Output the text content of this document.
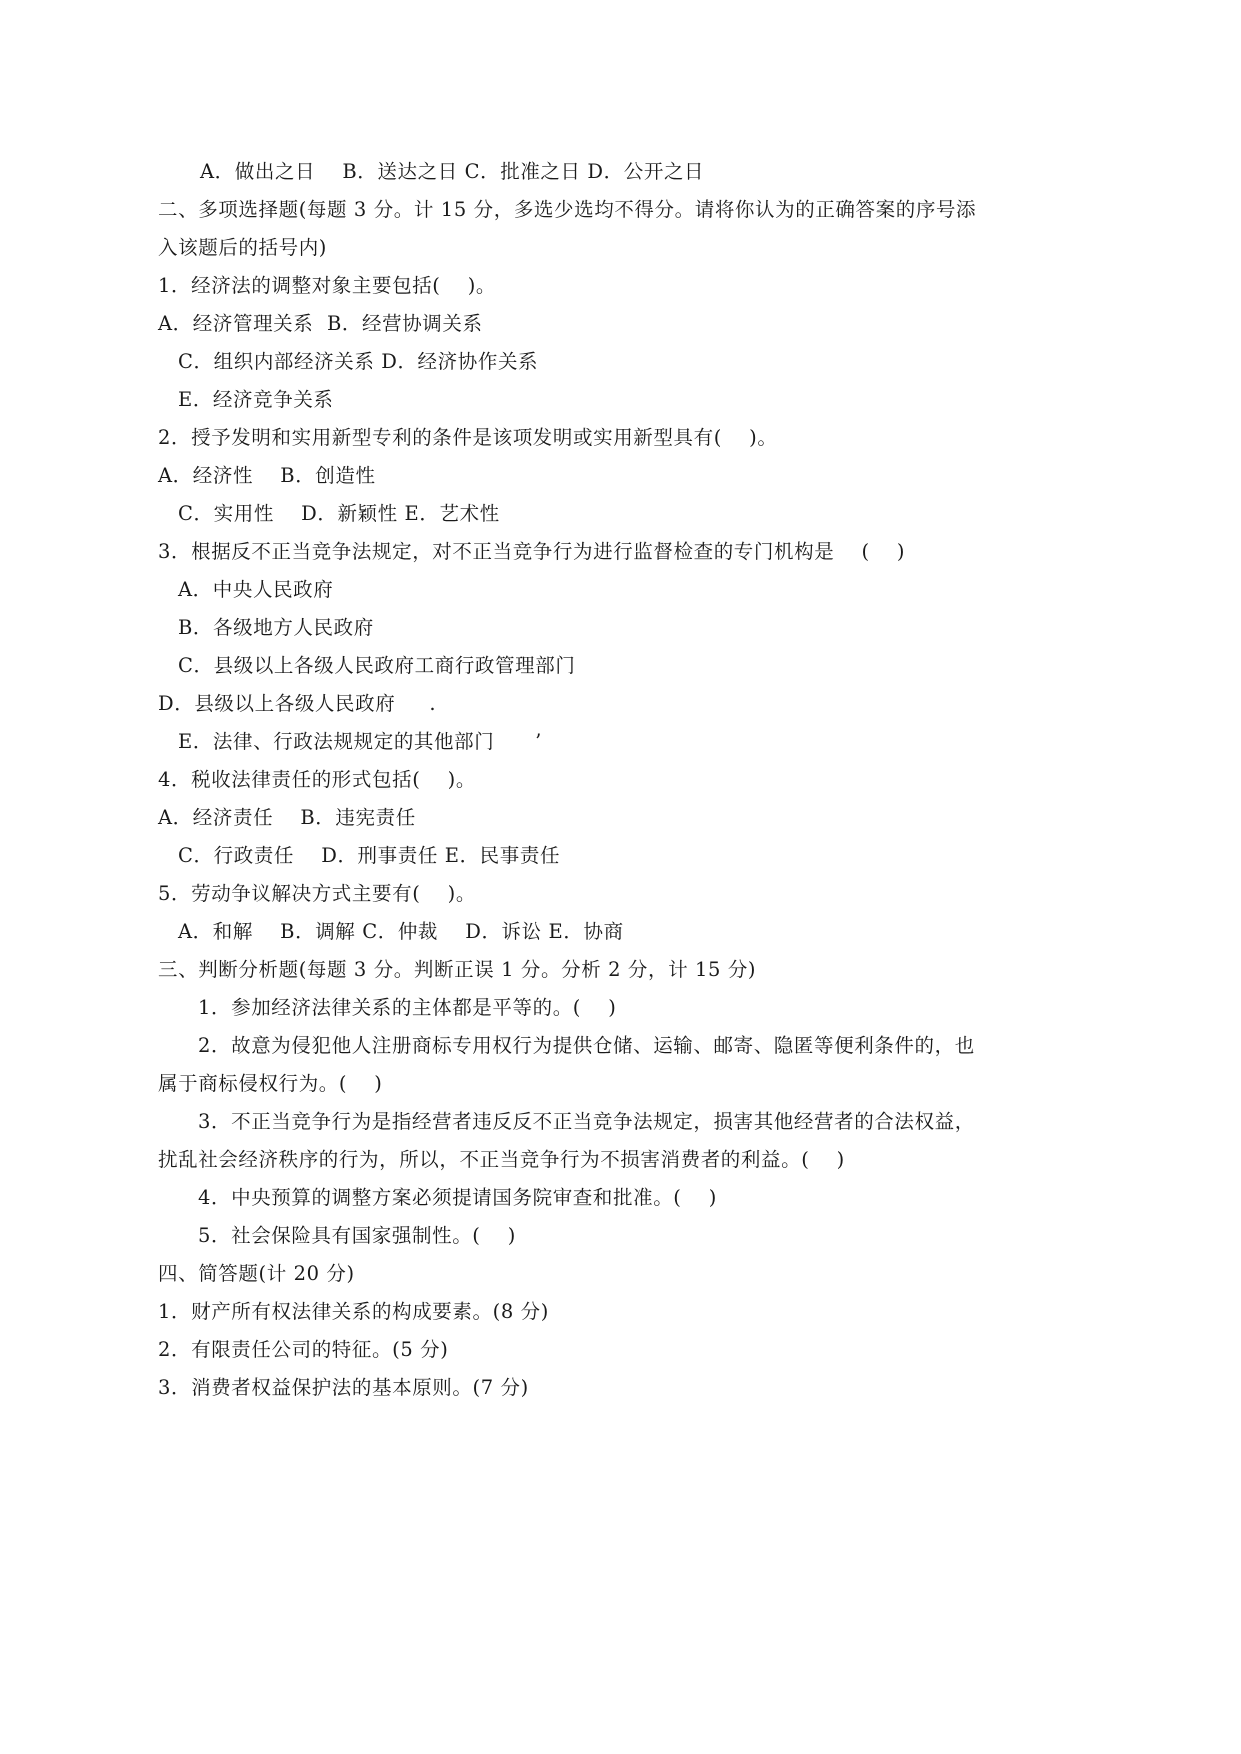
A．做出之日    B．送达之日 C．批准之日 D．公开之日
二、多项选择题(每题 3 分。计 15 分，多选少选均不得分。请将你认为的正确答案的序号添
入该题后的括号内)
1．经济法的调整对象主要包括(    )。
A．经济管理关系  B．经营协调关系
C．组织内部经济关系 D．经济协作关系
E．经济竞争关系
2．授予发明和实用新型专利的条件是该项发明或实用新型具有(    )。
A．经济性    B．创造性
C．实用性    D．新颖性 E．艺术性
3．根据反不正当竞争法规定，对不正当竞争行为进行监督检查的专门机构是    (    )
A．中央人民政府
B．各级地方人民政府
C．县级以上各级人民政府工商行政管理部门
D．县级以上各级人民政府     .
E．法律、行政法规规定的其他部门      ’
4．税收法律责任的形式包括(    )。
A．经济责任    B．违宪责任
C．行政责任    D．刑事责任 E．民事责任
5．劳动争议解决方式主要有(    )。
A．和解    B．调解 C．仲裁    D．诉讼 E．协商
三、判断分析题(每题 3 分。判断正误 1 分。分析 2 分，计 15 分)
1．参加经济法律关系的主体都是平等的。(    )
2．故意为侵犯他人注册商标专用权行为提供仓储、运输、邮寄、隐匿等便利条件的，也
属于商标侵权行为。(    )
3．不正当竞争行为是指经营者违反反不正当竞争法规定，损害其他经营者的合法权益，
扰乱社会经济秩序的行为，所以，不正当竞争行为不损害消费者的利益。(    )
4．中央预算的调整方案必须提请国务院审查和批准。(    )
5．社会保险具有国家强制性。(    )
四、简答题(计 20 分)
1．财产所有权法律关系的构成要素。(8 分)
2．有限责任公司的特征。(5 分)
3．消费者权益保护法的基本原则。(7 分)
